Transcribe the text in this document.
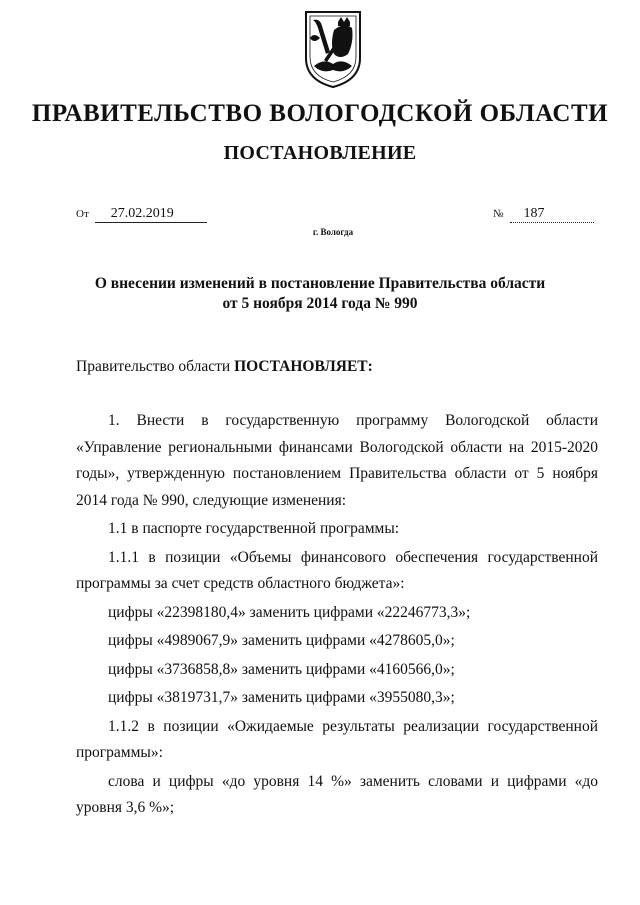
ПРАВИТЕЛЬСТВО ВОЛОГОДСКОЙ ОБЛАСТИ
ПОСТАНОВЛЕНИЕ
От 27.02.2019	№ 187
г. Вологда
О внесении изменений в постановление Правительства области
от 5 ноября 2014 года № 990
Правительство области ПОСТАНОВЛЯЕТ:

1. Внести в государственную программу Вологодской области «Управление региональными финансами Вологодской области на 2015-2020 годы», утвержденную постановлением Правительства области от 5 ноября 2014 года № 990, следующие изменения:

1.1 в паспорте государственной программы:

1.1.1 в позиции «Объемы финансового обеспечения государственной программы за счет средств областного бюджета»:

цифры «22398180,4» заменить цифрами «22246773,3»;

цифры «4989067,9» заменить цифрами «4278605,0»;

цифры «3736858,8» заменить цифрами «4160566,0»;

цифры «3819731,7» заменить цифрами «3955080,3»;

1.1.2 в позиции «Ожидаемые результаты реализации государственной программы»:

слова и цифры «до уровня 14 %» заменить словами и цифрами «до уровня 3,6 %»;
